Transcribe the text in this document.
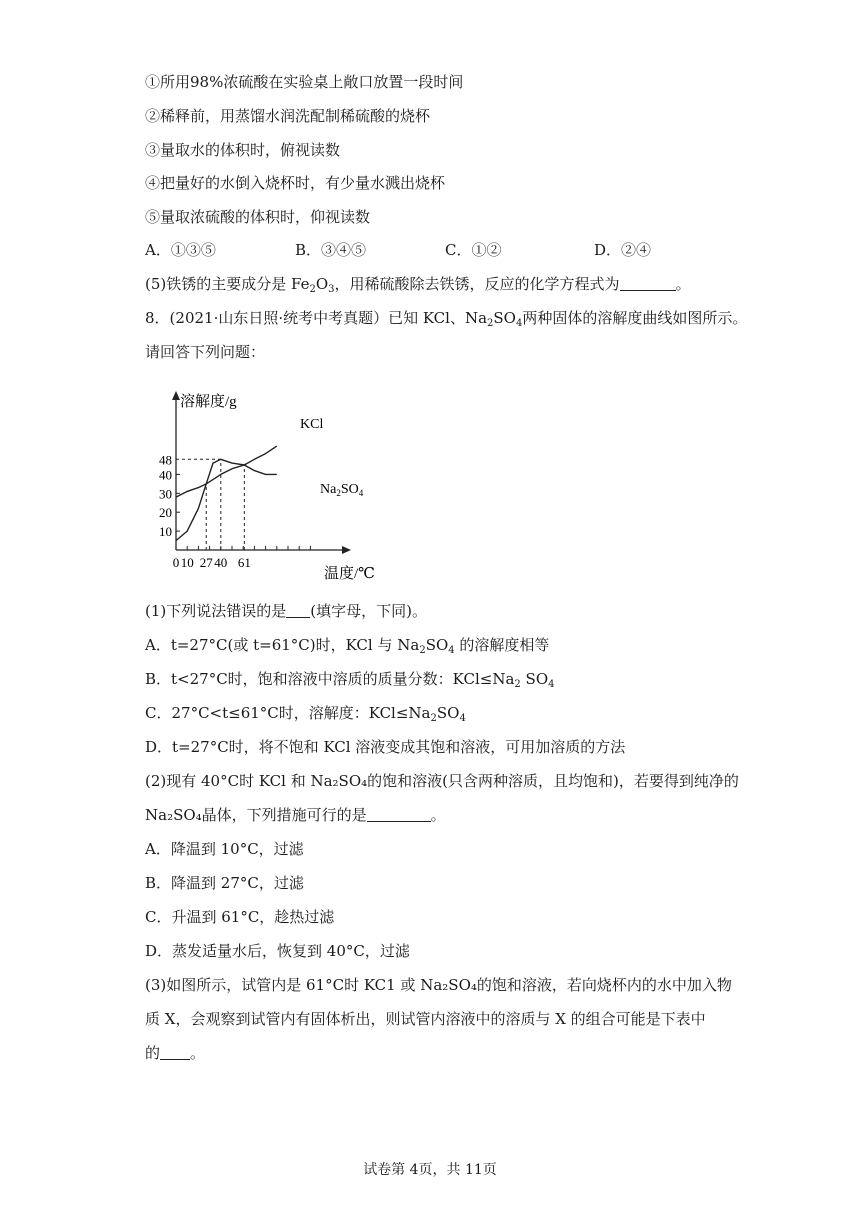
①所用98%浓硫酸在实验桌上敞口放置一段时间
②稀释前，用蒸馏水润洗配制稀硫酸的烧杯
③量取水的体积时，俯视读数
④把量好的水倒入烧杯时，有少量水溅出烧杯
⑤量取浓硫酸的体积时，仰视读数
A．①③⑤	B．③④⑤	C．①②	D．②④
(5)铁锈的主要成分是 $Fe_2O_3$，用稀硫酸除去铁锈，反应的化学方程式为	。
8．(2021·山东日照·统考中考真题）已知 KCl、$Na_2SO_4$两种固体的溶解度曲线如图所示。
请回答下列问题：
0 10 27 40 61
10
20
30
40
48
溶解度/g
温度/℃
KCl
$Na_2SO_4$
(1)下列说法错误的是 (填字母，下同)。
A．t=27°C(或 t=61°C)时，KCl 与 $Na_2SO_4$ 的溶解度相等
B．t<27°C时，饱和溶液中溶质的质量分数：$KCl\le Na_2$ $SO_4$
C．27°C<t≤61°C时，溶解度：$KCl\le Na_2SO_4$
D．t=27°C时，将不饱和 KCl 溶液变成其饱和溶液，可用加溶质的方法
(2)现有 40°C时 KCl 和 Na₂SO₄的饱和溶液(只含两种溶质，且均饱和)，若要得到纯净的
Na₂SO₄晶体，下列措施可行的是	。
A．降温到 10°C，过滤
B．降温到 27°C，过滤
C．升温到 61°C，趁热过滤
D．蒸发适量水后，恢复到 40°C，过滤
(3)如图所示，试管内是 61°C时 KC1 或 Na₂SO₄的饱和溶液，若向烧杯内的水中加入物
质 X，会观察到试管内有固体析出，则试管内溶液中的溶质与 X 的组合可能是下表中
的 。
试卷第 4页，共 11页
